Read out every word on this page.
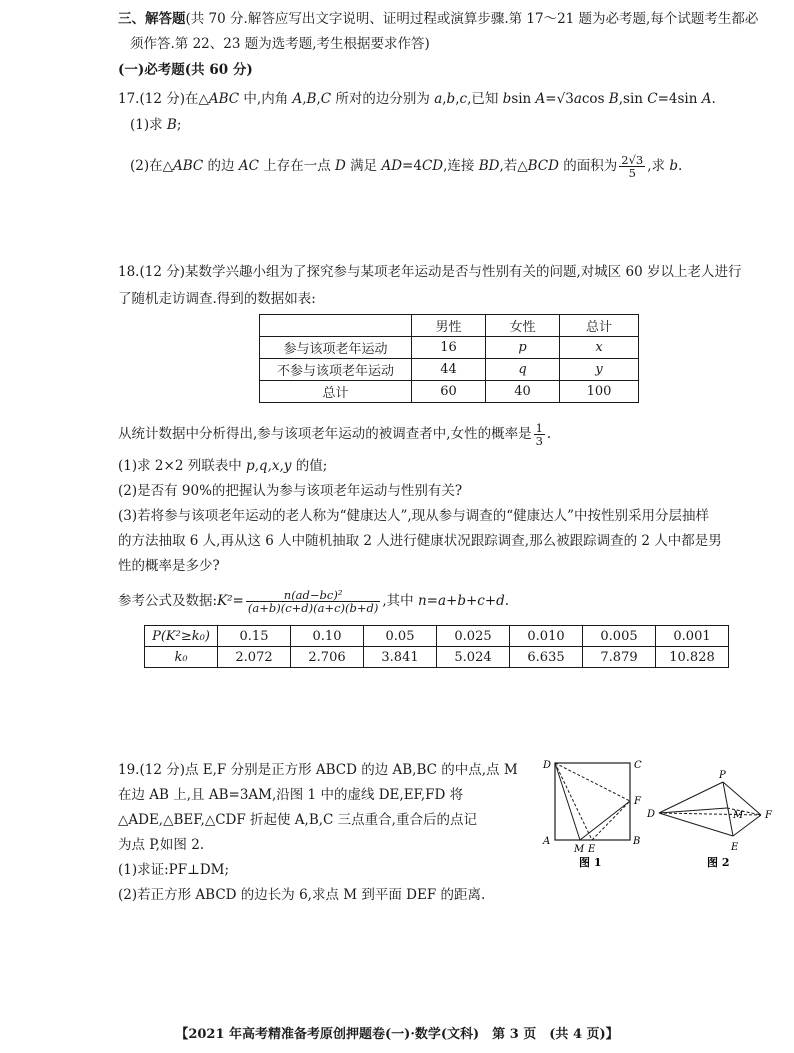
三、解答题(共 70 分.解答应写出文字说明、证明过程或演算步骤.第 17～21 题为必考题,每个试题考生都必
须作答.第 22、23 题为选考题,考生根据要求作答)
(一)必考题(共 60 分)
17.(12 分)在△ABC 中,内角 A,B,C 所对的边分别为 a,b,c,已知 bsin A=√3acos B,sin C=4sin A.
(1)求 B;
(2)在△ABC 的边 AC 上存在一点 D 满足 AD=4CD,连接 BD,若△BCD 的面积为 $\frac{2√3}{5}$ ,求 b.
18.(12 分)某数学兴趣小组为了探究参与某项老年运动是否与性别有关的问题,对城区 60 岁以上老人进行
了随机走访调查.得到的数据如表:
	男性	女性	总计
参与该项老年运动	16	p	x
不参与该项老年运动	44	q	y
总计	60	40	100
从统计数据中分析得出,参与该项老年运动的被调查者中,女性的概率是 $\frac{1}{3}$ .
(1)求 2×2 列联表中 p,q,x,y 的值;
(2)是否有 90%的把握认为参与该项老年运动与性别有关?
(3)若将参与该项老年运动的老人称为“健康达人”,现从参与调查的“健康达人”中按性别采用分层抽样
的方法抽取 6 人,再从这 6 人中随机抽取 2 人进行健康状况跟踪调查,那么被跟踪调查的 2 人中都是男
性的概率是多少?
参考公式及数据:K²= $\frac{\text{n(ad−bc)²}}{(a+b)(c+d)(a+c)(b+d)}$ ,其中 n=a+b+c+d.
P(K²≥k₀)	0.15	0.10	0.05	0.025	0.010	0.005	0.001
k₀	2.072	2.706	3.841	5.024	6.635	7.879	10.828
19.(12 分)点 E,F 分别是正方形 ABCD 的边 AB,BC 的中点,点 M
在边 AB 上,且 AB=3AM,沿图 1 中的虚线 DE,EF,FD 将
△ADE,△BEF,△CDF 折起使 A,B,C 三点重合,重合后的点记
为点 P,如图 2.
(1)求证:PF⊥DM;
(2)若正方形 ABCD 的边长为 6,求点 M 到平面 DEF 的距离.
D	C
F
A
M E
B
图 1
P
D	F
M
E
图 2
【2021 年高考精准备考原创押题卷(一)·数学(文科)　第 3 页　(共 4 页)】
